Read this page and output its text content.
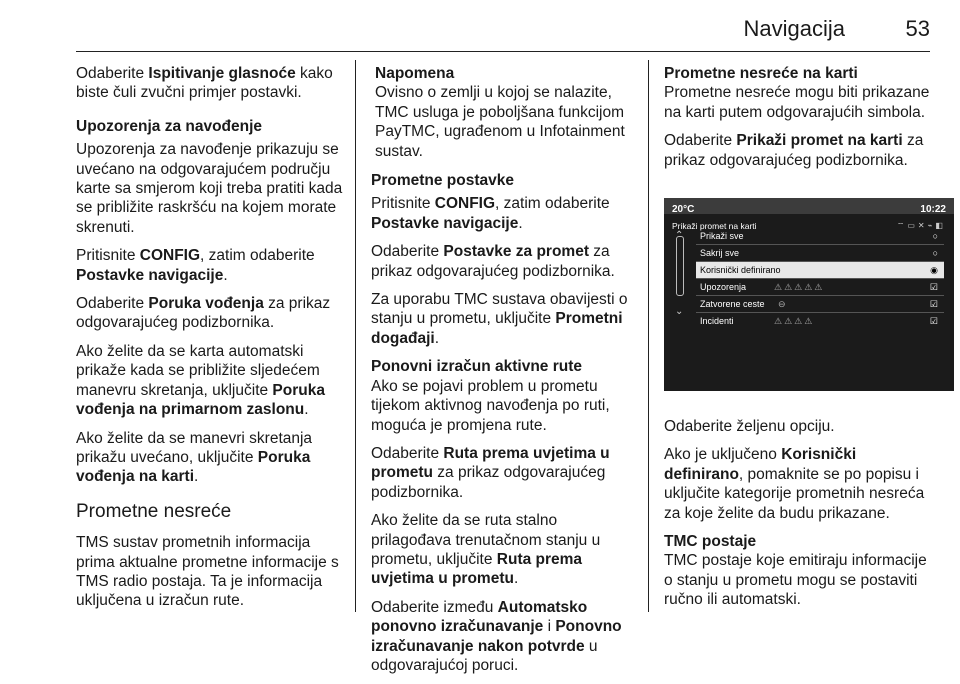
Navigacija	53

Odaberite Ispitivanje glasnoće kako biste čuli zvučni primjer postavki.

Upozorenja za navođenje

Upozorenja za navođenje prikazuju se uvećano na odgovarajućem području karte sa smjerom koji treba pratiti kada se približite raskršću na kojem morate skrenuti.

Pritisnite CONFIG, zatim odaberite Postavke navigacije.

Odaberite Poruka vođenja za prikaz odgovarajućeg podizbornika.

Ako želite da se karta automatski prikaže kada se približite sljedećem manevru skretanja, uključite Poruka vođenja na primarnom zaslonu.

Ako želite da se manevri skretanja prikažu uvećano, uključite Poruka vođenja na karti.

Prometne nesreće

TMS sustav prometnih informacija prima aktualne prometne informacije s TMS radio postaja. Ta je informacija uključena u izračun rute.

Napomena
Ovisno o zemlji u kojoj se nalazite, TMC usluga je poboljšana funkcijom PayTMC, ugrađenom u Infotainment sustav.

Prometne postavke

Pritisnite CONFIG, zatim odaberite Postavke navigacije.

Odaberite Postavke za promet za prikaz odgovarajućeg podizbornika.

Za uporabu TMC sustava obavijesti o stanju u prometu, uključite Prometni događaji.

Ponovni izračun aktivne rute

Ako se pojavi problem u prometu tijekom aktivnog navođenja po ruti, moguća je promjena rute.

Odaberite Ruta prema uvjetima u prometu za prikaz odgovarajućeg podizbornika.

Ako želite da se ruta stalno prilagođava trenutačnom stanju u prometu, uključite Ruta prema uvjetima u prometu.

Odaberite između Automatsko ponovno izračunavanje i Ponovno izračunavanje nakon potvrde u odgovarajućoj poruci.

Prometne nesreće na karti

Prometne nesreće mogu biti prikazane na karti putem odgovarajućih simbola.

Odaberite Prikaži promet na karti za prikaz odgovarajućeg podizbornika.

20°C	10:22
Prikaži promet na karti	⌔▭✕⌁◧
⌃
⌄
Prikaži sve	○
Sakrij sve	○
Korisnički definirano	◉
Upozorenja	⚠⚠⚠⚠⚠	☑
Zatvorene ceste ⊖	☑
Incidenti	⚠⚠⚠⚠	☑

Odaberite željenu opciju.

Ako je uključeno Korisnički definirano, pomaknite se po popisu i uključite kategorije prometnih nesreća za koje želite da budu prikazane.

TMC postaje

TMC postaje koje emitiraju informacije o stanju u prometu mogu se postaviti ručno ili automatski.
